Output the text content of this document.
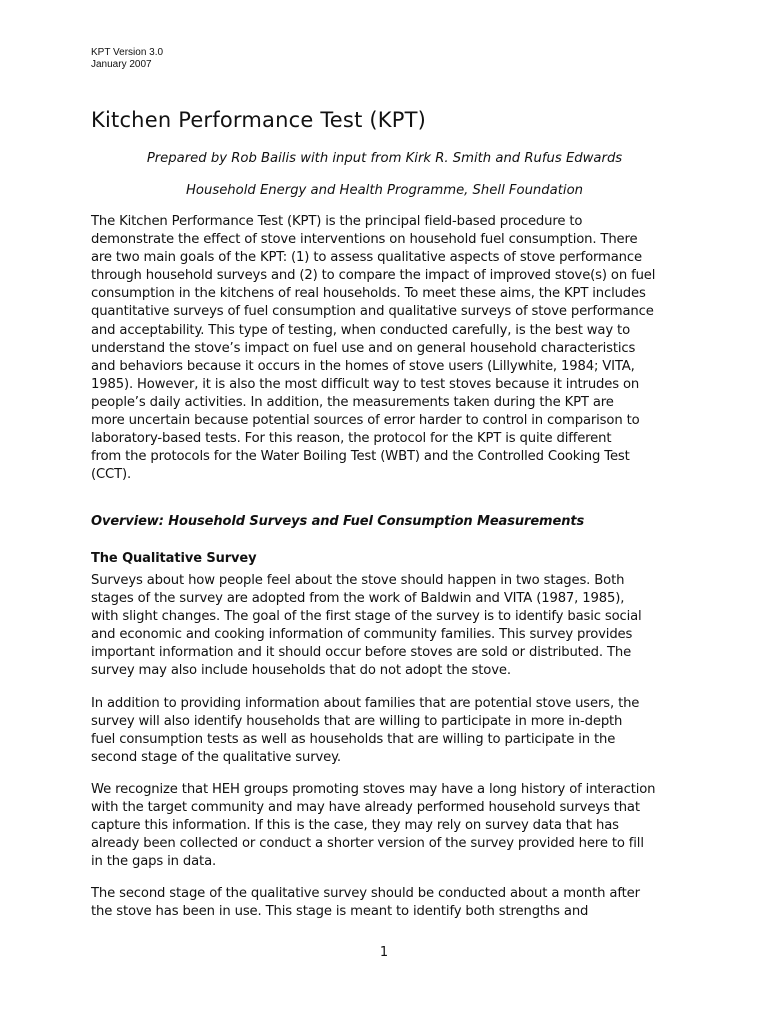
KPT Version 3.0
January 2007
Kitchen Performance Test (KPT)
Prepared by Rob Bailis with input from Kirk R. Smith and Rufus Edwards
Household Energy and Health Programme, Shell Foundation

The Kitchen Performance Test (KPT) is the principal field-based procedure to
demonstrate the effect of stove interventions on household fuel consumption. There
are two main goals of the KPT: (1) to assess qualitative aspects of stove performance
through household surveys and (2) to compare the impact of improved stove(s) on fuel
consumption in the kitchens of real households. To meet these aims, the KPT includes
quantitative surveys of fuel consumption and qualitative surveys of stove performance
and acceptability. This type of testing, when conducted carefully, is the best way to
understand the stove’s impact on fuel use and on general household characteristics
and behaviors because it occurs in the homes of stove users (Lillywhite, 1984; VITA,
1985). However, it is also the most difficult way to test stoves because it intrudes on
people’s daily activities. In addition, the measurements taken during the KPT are
more uncertain because potential sources of error harder to control in comparison to
laboratory-based tests. For this reason, the protocol for the KPT is quite different
from the protocols for the Water Boiling Test (WBT) and the Controlled Cooking Test
(CCT).

Overview: Household Surveys and Fuel Consumption Measurements
The Qualitative Survey

Surveys about how people feel about the stove should happen in two stages. Both
stages of the survey are adopted from the work of Baldwin and VITA (1987, 1985),
with slight changes. The goal of the first stage of the survey is to identify basic social
and economic and cooking information of community families. This survey provides
important information and it should occur before stoves are sold or distributed. The
survey may also include households that do not adopt the stove.

In addition to providing information about families that are potential stove users, the
survey will also identify households that are willing to participate in more in-depth
fuel consumption tests as well as households that are willing to participate in the
second stage of the qualitative survey.

We recognize that HEH groups promoting stoves may have a long history of interaction
with the target community and may have already performed household surveys that
capture this information. If this is the case, they may rely on survey data that has
already been collected or conduct a shorter version of the survey provided here to fill
in the gaps in data.

The second stage of the qualitative survey should be conducted about a month after
the stove has been in use. This stage is meant to identify both strengths and

1
